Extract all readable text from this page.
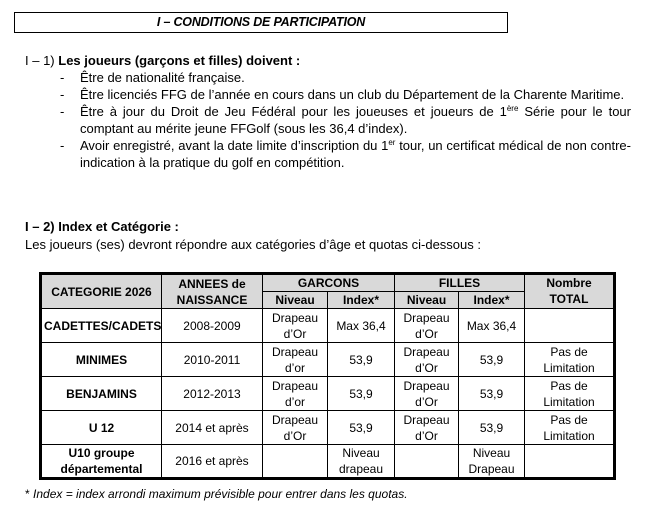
I – CONDITIONS DE PARTICIPATION
I – 1) Les joueurs (garçons et filles) doivent :
- Être de nationalité française.
- Être licenciés FFG de l’année en cours dans un club du Département de la Charente Maritime.
- Être à jour du Droit de Jeu Fédéral pour les joueuses et joueurs de 1ère Série pour le tour comptant au mérite jeune FFGolf (sous les 36,4 d’index).
- Avoir enregistré, avant la date limite d’inscription du 1er tour, un certificat médical de non contre-indication à la pratique du golf en compétition.
I – 2) Index et Catégorie :
Les joueurs (ses) devront répondre aux catégories d’âge et quotas ci-dessous :
CATEGORIE 2026	ANNEES de NAISSANCE	GARCONS		FILLES		Nombre TOTAL
		Niveau	Index*	Niveau	Index*	
CADETTES/CADETS	2008-2009	Drapeau d’Or	Max 36,4	Drapeau d’Or	Max 36,4	
MINIMES	2010-2011	Drapeau d’or	53,9	Drapeau d’Or	53,9	Pas de Limitation
BENJAMINS	2012-2013	Drapeau d’or	53,9	Drapeau d’Or	53,9	Pas de Limitation
U 12	2014 et après	Drapeau d’Or	53,9	Drapeau d’Or	53,9	Pas de Limitation
U10 groupe départemental	2016 et après		Niveau drapeau		Niveau Drapeau	
* Index = index arrondi maximum prévisible pour entrer dans les quotas.
